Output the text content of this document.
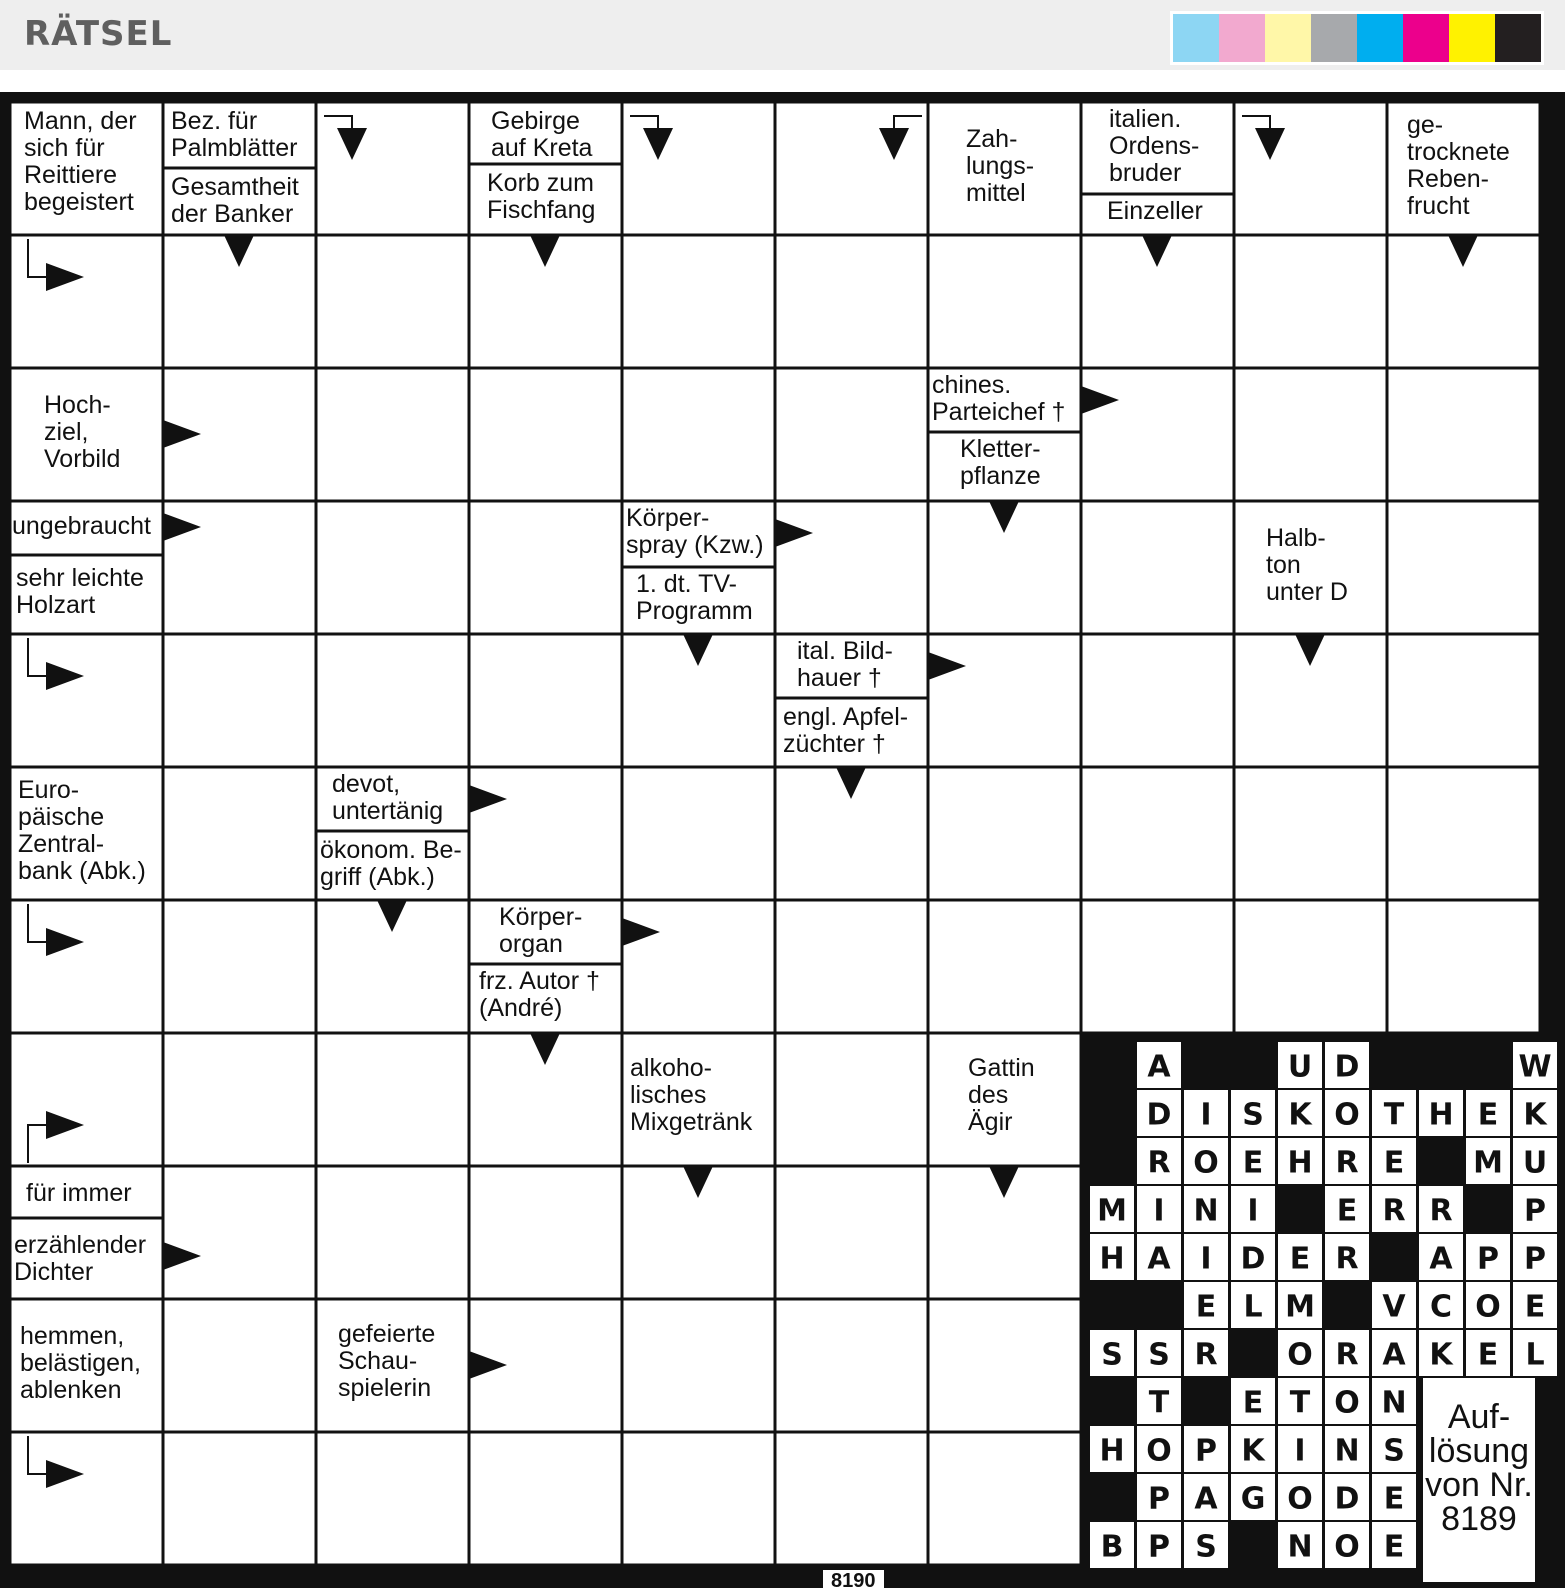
RÄTSEL
A	U D	W
D I S K O T H E K
R O E H R E M U
M I N I	E R R P
H A I D E R A P P
E L M V C O E
S S R O R A K E L
T E T O N
H O P K I N S
P A G O D E
B P S N O E
Mann, der
sich für
Reittiere
begeistert
Bez. für
Palmblätter
Gesamtheit
der Banker
Gebirge
auf Kreta
Korb zum
Fischfang
Zah-
lungs-
mittel
italien.
Ordens-
bruder
Einzeller
ge-
trocknete
Reben-
frucht
Hoch-
ziel,
Vorbild
chines.
Parteichef †
Kletter-
pflanze
ungebraucht
sehr leichte
Holzart
Körper-
spray (Kzw.)
1. dt. TV-
Programm
Halb-
ton
unter D
ital. Bild-
hauer †
engl. Apfel-
züchter †
Euro-
päische
Zentral-
bank (Abk.)
devot,
untertänig
ökonom. Be-
griff (Abk.)
Körper-
organ
frz. Autor †
(André)
alkoho-
lisches
Mixgetränk
Gattin
des
Ägir
für immer
erzählender
Dichter
hemmen,
belästigen,
ablenken
gefeierte
Schau-
spielerin
Auf-
lösung
von Nr.
8189
8190
